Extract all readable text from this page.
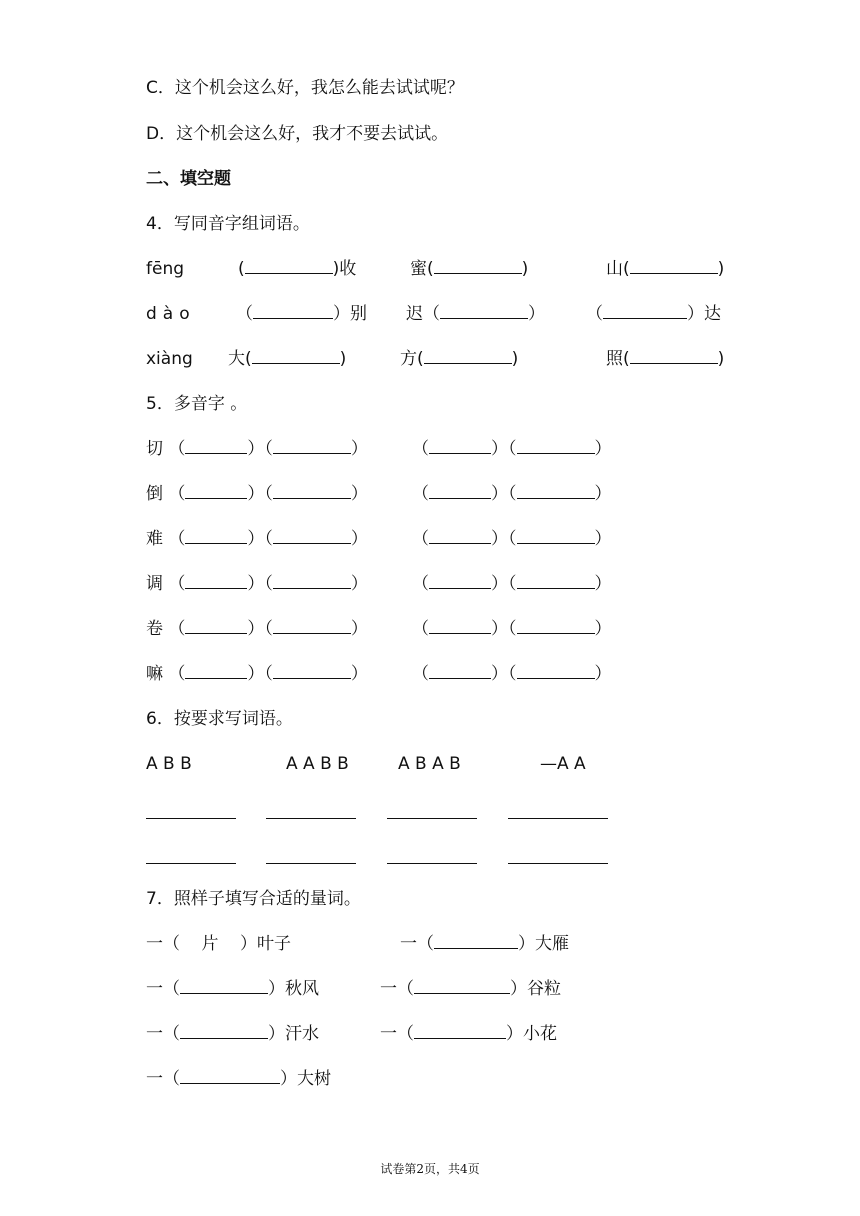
C．这个机会这么好，我怎么能去试试呢？
D．这个机会这么好，我才不要去试试。
二、填空题
4．写同音字组词语。
fēng	(	)收	蜜(	)	山(	)
dào （	）别 迟（	） （	）达
xiàng 大(	)	方(	)	照(	)
5．多音字 。
切 （	）（	）	（	）（	）
倒 （	）（	）	（	）（	）
难 （	）（	）	（	）（	）
调 （	）（	）	（	）（	）
卷 （	）（	）	（	）（	）
嘛 （	）（	）	（	）（	）
6．按要求写词语。
A B B	A A B B	A B A B	—A A
7．照样子填写合适的量词。
一（ 片 ）叶子	一（	）大雁
一（	）秋风	一（	）谷粒
一（	）汗水	一（	）小花
一（	）大树
试卷第2页，共4页
